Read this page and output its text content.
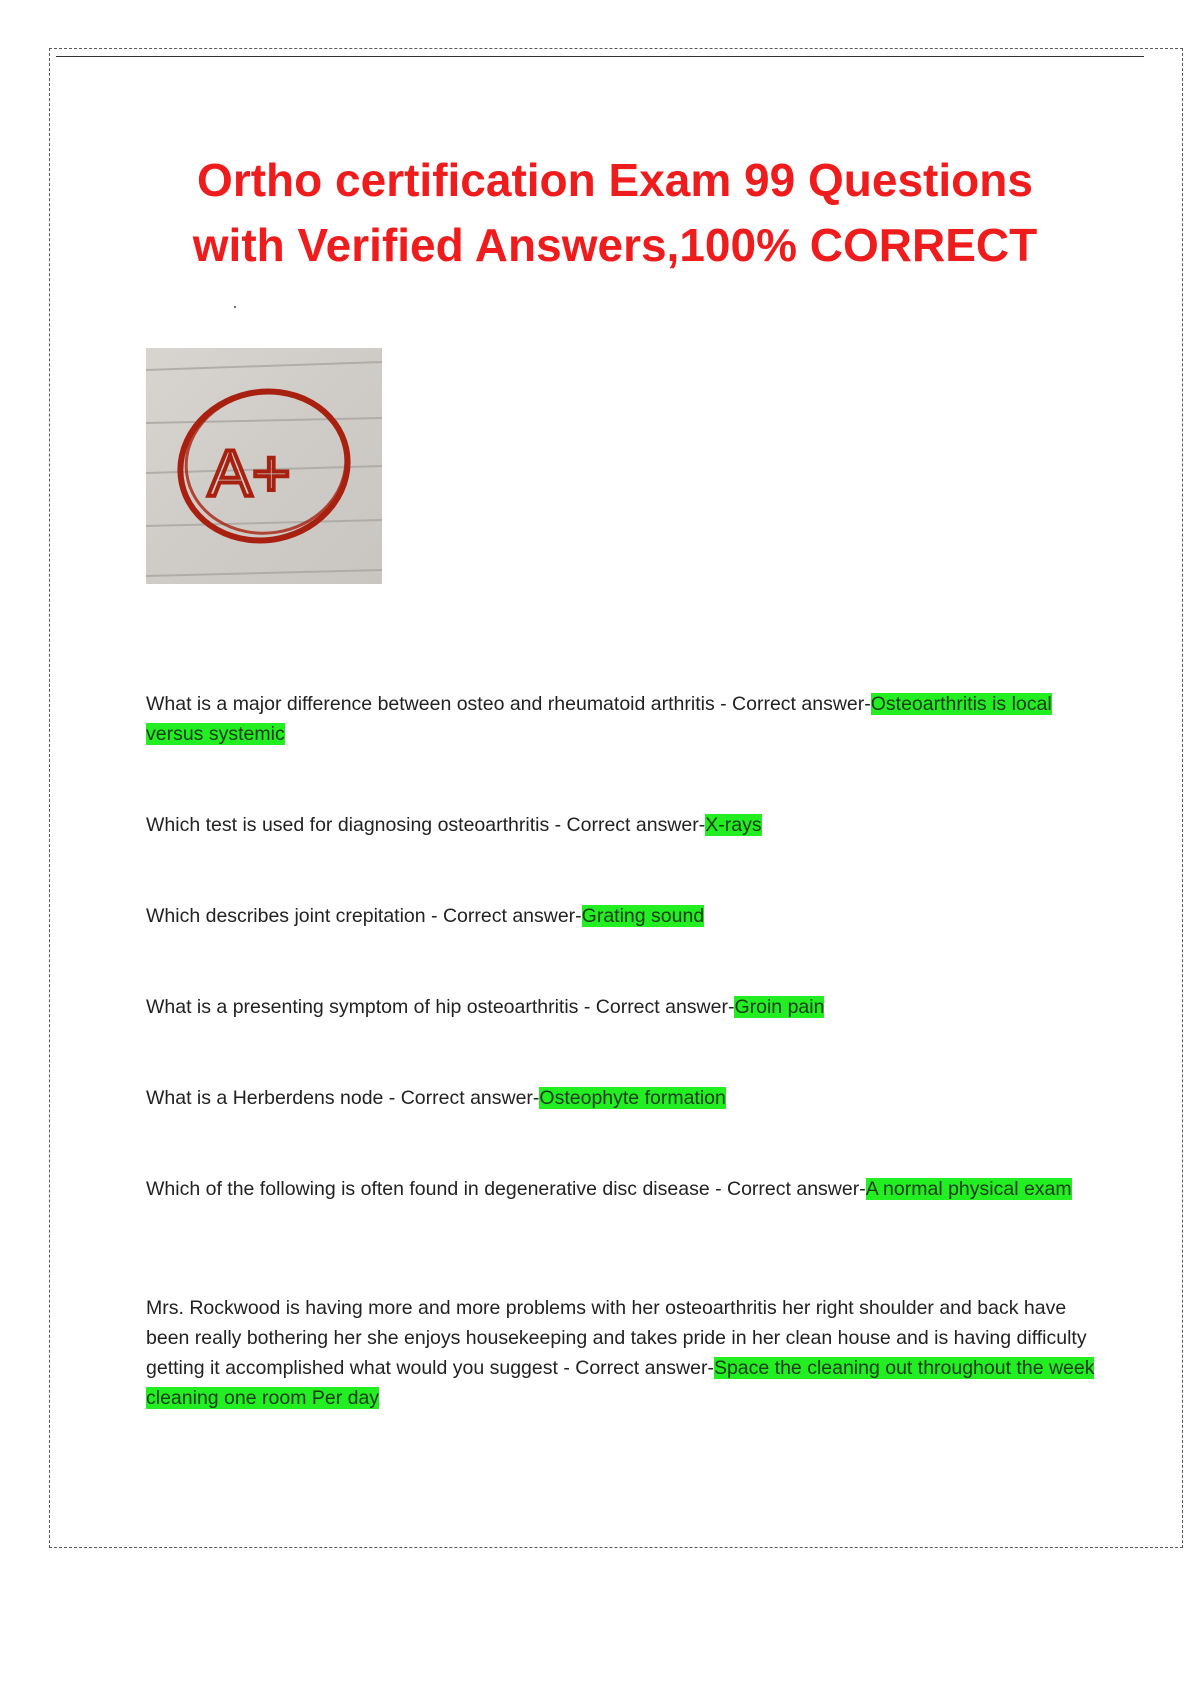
Ortho certification Exam 99 Questions
with Verified Answers,100% CORRECT
A+
What is a major difference between osteo and rheumatoid arthritis - Correct answer-Osteoarthritis is local versus systemic
Which test is used for diagnosing osteoarthritis - Correct answer-X-rays
Which describes joint crepitation - Correct answer-Grating sound
What is a presenting symptom of hip osteoarthritis - Correct answer-Groin pain
What is a Herberdens node - Correct answer-Osteophyte formation
Which of the following is often found in degenerative disc disease - Correct answer-A normal physical exam
Mrs. Rockwood is having more and more problems with her osteoarthritis her right shoulder and back have been really bothering her she enjoys housekeeping and takes pride in her clean house and is having difficulty getting it accomplished what would you suggest - Correct answer-Space the cleaning out throughout the week cleaning one room Per day
